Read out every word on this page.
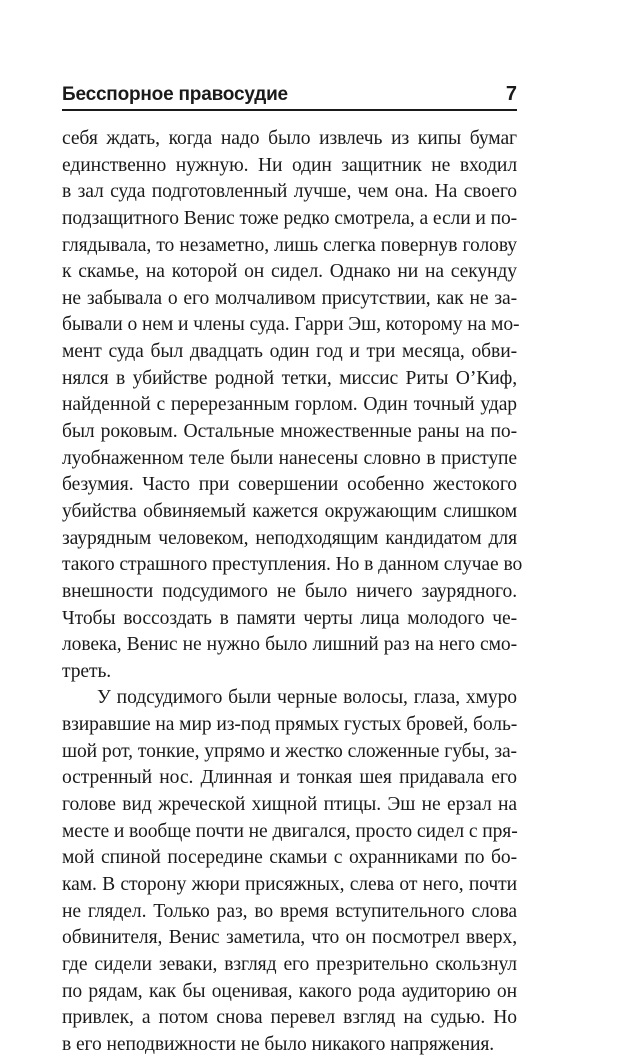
Бесспорное правосудие	7
себя ждать, когда надо было извлечь из кипы бумаг
единственно нужную. Ни один защитник не входил
в зал суда подготовленный лучше, чем она. На своего
подзащитного Венис тоже редко смотрела, а если и по-
глядывала, то незаметно, лишь слегка повернув голову
к скамье, на которой он сидел. Однако ни на секунду
не забывала о его молчаливом присутствии, как не за-
бывали о нем и члены суда. Гарри Эш, которому на мо-
мент суда был двадцать один год и три месяца, обви-
нялся в убийстве родной тетки, миссис Риты О’Киф,
найденной с перерезанным горлом. Один точный удар
был роковым. Остальные множественные раны на по-
луобнаженном теле были нанесены словно в приступе
безумия. Часто при совершении особенно жестокого
убийства обвиняемый кажется окружающим слишком
заурядным человеком, неподходящим кандидатом для
такого страшного преступления. Но в данном случае во
внешности подсудимого не было ничего заурядного.
Чтобы воссоздать в памяти черты лица молодого че-
ловека, Венис не нужно было лишний раз на него смо-
треть.
У подсудимого были черные волосы, глаза, хмуро
взиравшие на мир из-под прямых густых бровей, боль-
шой рот, тонкие, упрямо и жестко сложенные губы, за-
остренный нос. Длинная и тонкая шея придавала его
голове вид жреческой хищной птицы. Эш не ерзал на
месте и вообще почти не двигался, просто сидел с пря-
мой спиной посередине скамьи с охранниками по бо-
кам. В сторону жюри присяжных, слева от него, почти
не глядел. Только раз, во время вступительного слова
обвинителя, Венис заметила, что он посмотрел вверх,
где сидели зеваки, взгляд его презрительно скользнул
по рядам, как бы оценивая, какого рода аудиторию он
привлек, а потом снова перевел взгляд на судью. Но
в его неподвижности не было никакого напряжения.
